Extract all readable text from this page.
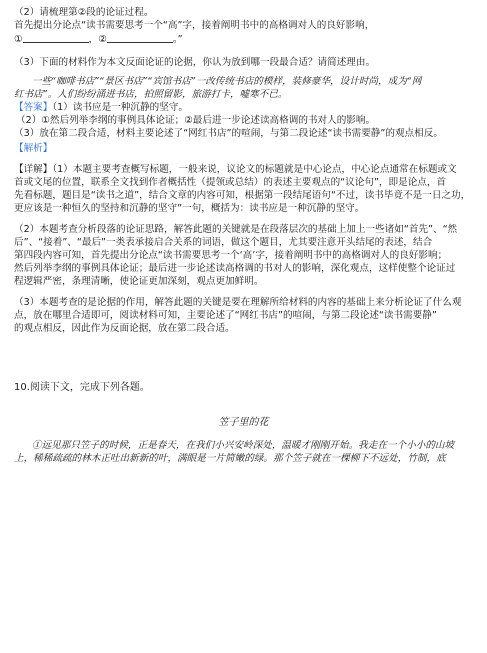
（2）请梳理第②段的论证过程。

首先提出分论点“读书需要思考一个“高”字，接着阐明书中的高格调对人的良好影响，

①	，②	。”

（3）下面的材料作为本文反面论证的论据，你认为放到哪一段最合适？请简述理由。

一些“咖啡书店”“景区书店”“宾馆书店”一改传统书店的模样，装修豪华，设计时尚，成为“网

红书店”。人们纷纷涌进书店，拍照留影，旅游打卡，嘘寒不已。

【答案】（1）读书应是一种沉静的坚守。

（2）①然后列举李纲的事例具体论证；②最后进一步论述读高格调的书对人的影响。

（3）放在第二段合适，材料主要论述了“网红书店”的喧闹，与第二段论述“读书需要静”的观点相反。

【解析】

【详解】（1）本题主要考查概写标题，一般来说，议论文的标题就是中心论点，中心论点通常在标题或文

首或文尾的位置，联系全文找到作者概括性（提领或总结）的表述主要观点的“议论句”，即是论点，首

先看标题，题目是“读书之道”，结合文章的内容可知，根据第一段结尾语句“不过，读书毕竟不是一日之功，

更应该是一种恒久的坚持和沉静的坚守”一句，概括为：读书应是一种沉静的坚守。

（2）本题考查分析段落的论证思路，解答此题的关键就是在段落层次的基础上加上一些诸如“首先”、“然

后”、“接着”、“最后”一类表承接启合关系的词语，做这个题目，尤其要注意开头结尾的表述，结合

第四段内容可知，首先提出分论点“读书需要思考一个‘高’字，接着阐明书中的高格调对人的良好影响；

然后列举李纲的事例具体论证；最后进一步论述读高格调的书对人的影响，深化观点，这样使整个论证过

程逻辑严密，条理清晰，使论证更加深刻，观点更加鲜明。

（3）本题考查的是论据的作用，解答此题的关键是要在理解所给材料的内容的基础上来分析论证了什么观

点，放在哪里合适即可，阅读材料可知，主要论述了“网红书店”的喧闹，与第二段论述“读书需要静”

的观点相反，因此作为反面论据，放在第二段合适。

10.阅读下文，完成下列各题。

笠子里的花

①远见那只笠子的时候，正是春天，在我们小兴安岭深处，温暖才刚刚开始。我走在一个小小的山坡

上，稀稀疏疏的林木正吐出新新的叶，满眼是一片简嫩的绿。那个笠子就在一棵柳下不远处，竹制，底
